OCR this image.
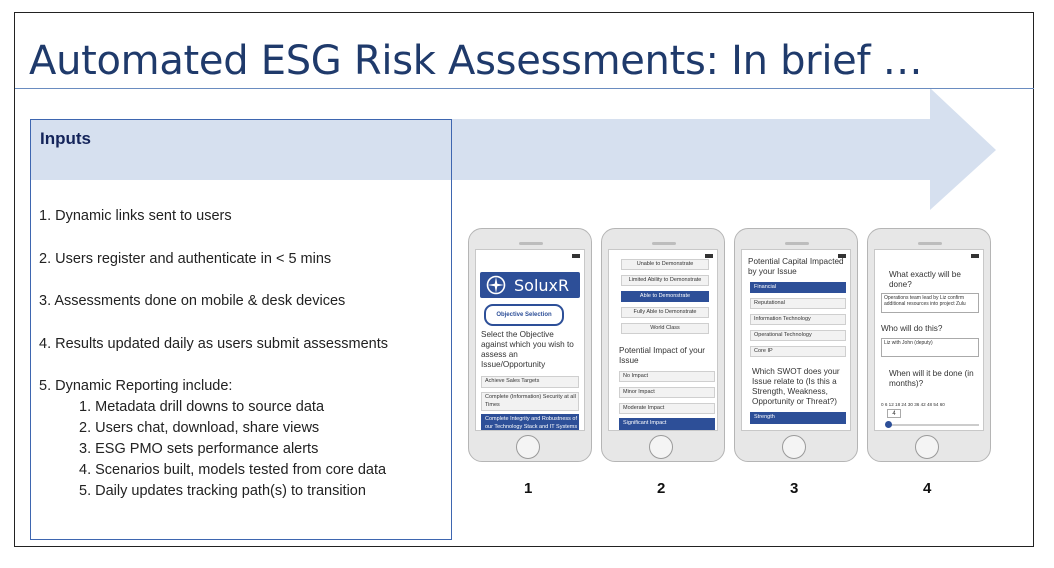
Automated ESG Risk Assessments: In brief …
Inputs
1. Dynamic links sent to users
2. Users register and authenticate in < 5 mins
3. Assessments done on mobile & desk devices
4. Results updated daily as users submit assessments
5. Dynamic Reporting include:
1. Metadata drill downs to source data
2. Users chat, download, share views
3. ESG PMO sets performance alerts
4. Scenarios built, models tested from core data
5. Daily updates tracking path(s) to transition
SoluxR
Objective Selection
Select the Objective against which you wish to assess an Issue/Opportunity
Achieve Sales Targets
Complete (Information) Security at all Times
Complete Integrity and Robustness of our Technology Stack and IT Systems
Unable to Demonstrate
Limited Ability to Demonstrate
Able to Demonstrate
Fully Able to Demonstrate
World Class
Potential Impact of your Issue
No Impact
Minor Impact
Moderate Impact
Significant Impact
Potential Capital Impacted by your Issue
Financial
Reputational
Information Technology
Operational Technology
Core IP
Which SWOT does your Issue relate to (Is this a Strength, Weakness, Opportunity or Threat?)
Strength
What exactly will be done?
Operations team lead by Liz confirm additional resources into project Zulu
Who will do this?
Liz with John (deputy)
When will it be done (in months)?
0 6 12 18 24 30 36 42 48 54 60
4
1	2	3	4
